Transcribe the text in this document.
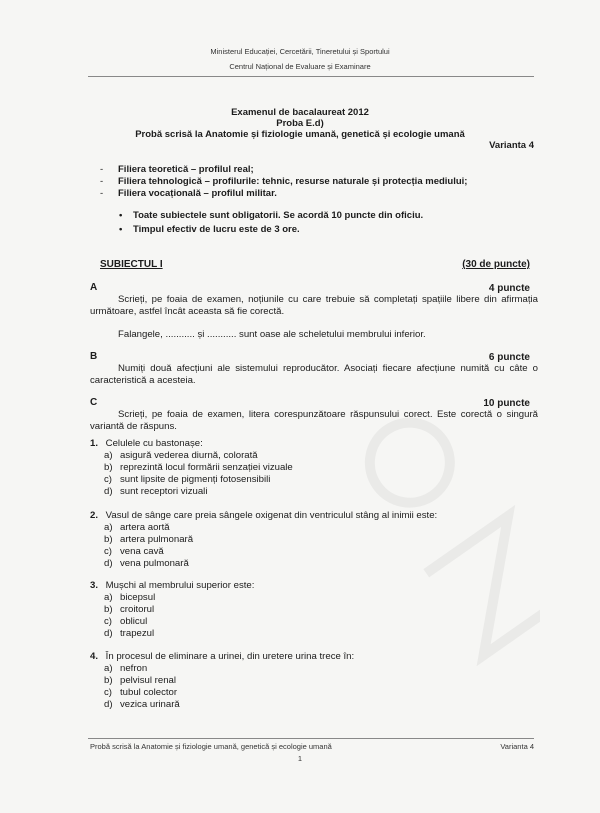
Ministerul Educației, Cercetării, Tineretului și Sportului
Centrul Național de Evaluare și Examinare
Examenul de bacalaureat 2012
Proba E.d)
Probă scrisă la Anatomie și fiziologie umană, genetică și ecologie umană
Varianta 4
- Filiera teoretică – profilul real;
- Filiera tehnologică – profilurile: tehnic, resurse naturale și protecția mediului;
- Filiera vocațională – profilul militar.
• Toate subiectele sunt obligatorii. Se acordă 10 puncte din oficiu.
• Timpul efectiv de lucru este de 3 ore.
SUBIECTUL I	(30 de puncte)
A	4 puncte
Scrieți, pe foaia de examen, noțiunile cu care trebuie să completați spațiile libere din afirmația următoare, astfel încât aceasta să fie corectă.
Falangele, ........... și ........... sunt oase ale scheletului membrului inferior.
B	6 puncte
Numiți două afecțiuni ale sistemului reproducător. Asociați fiecare afecțiune numită cu câte o caracteristică a acesteia.
C	10 puncte
Scrieți, pe foaia de examen, litera corespunzătoare răspunsului corect. Este corectă o singură variantă de răspuns.
1. Celulele cu bastonașe:
a) asigură vederea diurnă, colorată
b) reprezintă locul formării senzației vizuale
c) sunt lipsite de pigmenți fotosensibili
d) sunt receptori vizuali
2. Vasul de sânge care preia sângele oxigenat din ventriculul stâng al inimii este:
a) artera aortă
b) artera pulmonară
c) vena cavă
d) vena pulmonară
3. Mușchi al membrului superior este:
a) bicepsul
b) croitorul
c) oblicul
d) trapezul
4. În procesul de eliminare a urinei, din uretere urina trece în:
a) nefron
b) pelvisul renal
c) tubul colector
d) vezica urinară
Probă scrisă la Anatomie și fiziologie umană, genetică și ecologie umană	Varianta 4
1
